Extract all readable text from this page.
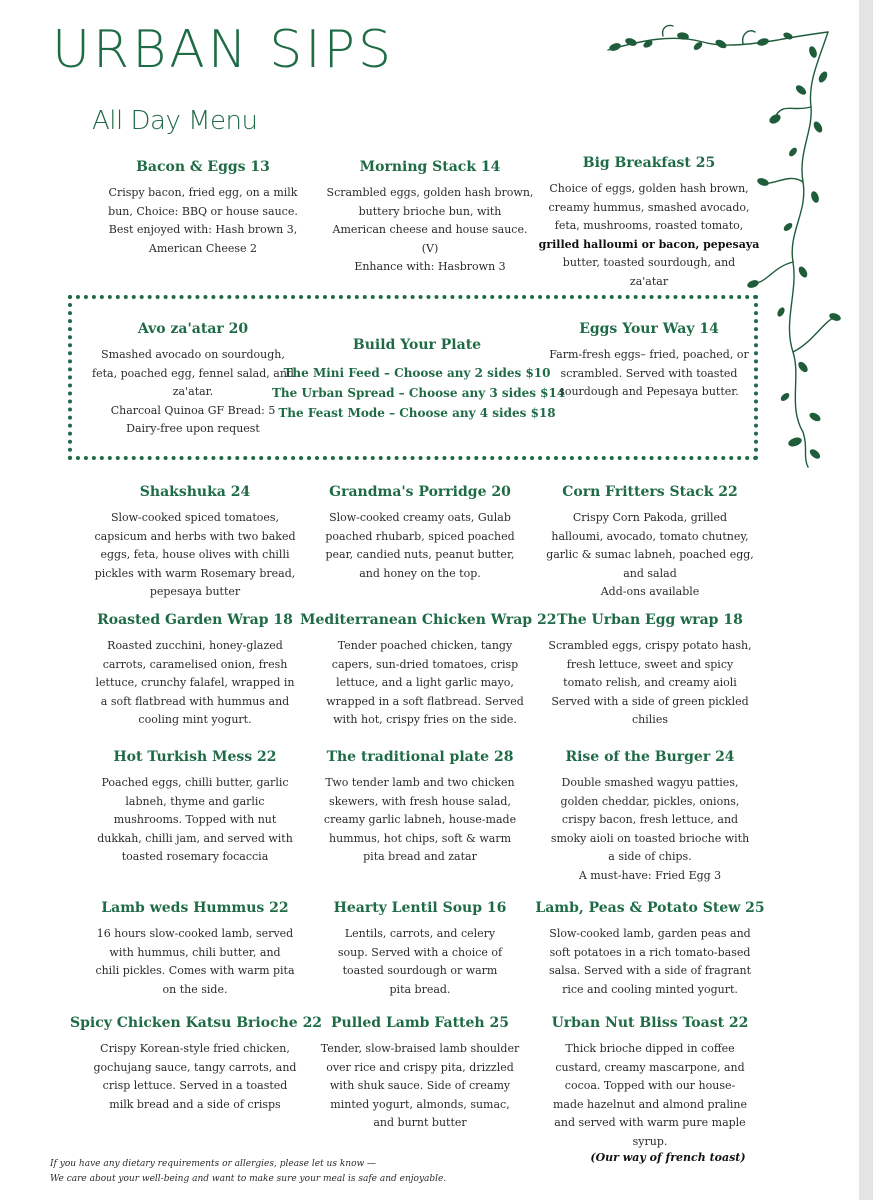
URBAN SIPS
All Day Menu

Build Your Plate

The Mini Feed – Choose any 2 sides $10

The Urban Spread – Choose any 3 sides $14

The Feast Mode – Choose any 4 sides $18

Bacon & Eggs 13

Crispy bacon, fried egg, on a milk
bun, Choice: BBQ or house sauce.
Best enjoyed with: Hash brown 3,
American Cheese 2

Morning Stack 14

Scrambled eggs, golden hash brown,
buttery brioche bun, with
American cheese and house sauce.
(V)
Enhance with: Hasbrown 3

Big Breakfast 25

Choice of eggs, golden hash brown,
creamy hummus, smashed avocado,
feta, mushrooms, roasted tomato,
grilled halloumi or bacon, pepesaya
butter, toasted sourdough, and
za'atar

Avo za'atar 20

Smashed avocado on sourdough,
feta, poached egg, fennel salad, and
za'atar.
Charcoal Quinoa GF Bread: 5
Dairy-free upon request

Eggs Your Way 14

Farm-fresh eggs– fried, poached, or
scrambled. Served with toasted
sourdough and Pepesaya butter.

Shakshuka 24

Slow-cooked spiced tomatoes,
capsicum and herbs with two baked
eggs, feta, house olives with chilli
pickles with warm Rosemary bread,
pepesaya butter

Grandma's Porridge 20

Slow-cooked creamy oats, Gulab
poached rhubarb, spiced poached
pear, candied nuts, peanut butter,
and honey on the top.

Corn Fritters Stack 22

Crispy Corn Pakoda, grilled
halloumi, avocado, tomato chutney,
garlic & sumac labneh, poached egg,
and salad
Add-ons available

Roasted Garden Wrap 18

Roasted zucchini, honey-glazed
carrots, caramelised onion, fresh
lettuce, crunchy falafel, wrapped in
a soft flatbread with hummus and
cooling mint yogurt.

Mediterranean Chicken Wrap 22

Tender poached chicken, tangy
capers, sun-dried tomatoes, crisp
lettuce, and a light garlic mayo,
wrapped in a soft flatbread. Served
with hot, crispy fries on the side.

The Urban Egg wrap 18

Scrambled eggs, crispy potato hash,
fresh lettuce, sweet and spicy
tomato relish, and creamy aioli
Served with a side of green pickled
chilies

Hot Turkish Mess 22

Poached eggs, chilli butter, garlic
labneh, thyme and garlic
mushrooms. Topped with nut
dukkah, chilli jam, and served with
toasted rosemary focaccia

The traditional plate 28

Two tender lamb and two chicken
skewers, with fresh house salad,
creamy garlic labneh, house-made
hummus, hot chips, soft & warm
pita bread and zatar

Rise of the Burger 24

Double smashed wagyu patties,
golden cheddar, pickles, onions,
crispy bacon, fresh lettuce, and
smoky aioli on toasted brioche with
a side of chips.
A must-have: Fried Egg 3

Lamb weds Hummus 22

16 hours slow-cooked lamb, served
with hummus, chili butter, and
chili pickles. Comes with warm pita
on the side.

Hearty Lentil Soup 16

Lentils, carrots, and celery
soup. Served with a choice of
toasted sourdough or warm
pita bread.

Lamb, Peas & Potato Stew 25

Slow-cooked lamb, garden peas and
soft potatoes in a rich tomato-based
salsa. Served with a side of fragrant
rice and cooling minted yogurt.

Spicy Chicken Katsu Brioche 22

Crispy Korean-style fried chicken,
gochujang sauce, tangy carrots, and
crisp lettuce. Served in a toasted
milk bread and a side of crisps

Pulled Lamb Fatteh 25

Tender, slow-braised lamb shoulder
over rice and crispy pita, drizzled
with shuk sauce. Side of creamy
minted yogurt, almonds, sumac,
and burnt butter

Urban Nut Bliss Toast 22

Thick brioche dipped in coffee
custard, creamy mascarpone, and
cocoa. Topped with our house-
made hazelnut and almond praline
and served with warm pure maple
syrup.

If you have any dietary requirements or allergies, please let us know —
We care about your well-being and want to make sure your meal is safe and enjoyable.
(Our way of french toast)
